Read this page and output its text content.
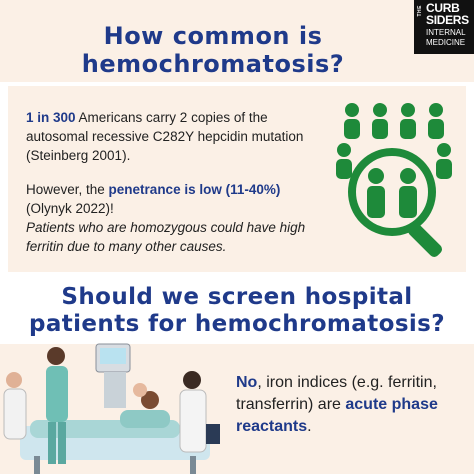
How common is
hemochromatosis?
THE CURB
SIDERS
INTERNAL
MEDICINE

1 in 300 Americans carry 2 copies of the autosomal recessive C282Y hepcidin mutation (Steinberg 2001).

However, the penetrance is low (11-40%) (Olynyk 2022)!
Patients who are homozygous could have high ferritin due to many other causes.

Should we screen hospital
patients for hemochromatosis?

No, iron indices (e.g. ferritin, transferrin) are acute phase reactants.
